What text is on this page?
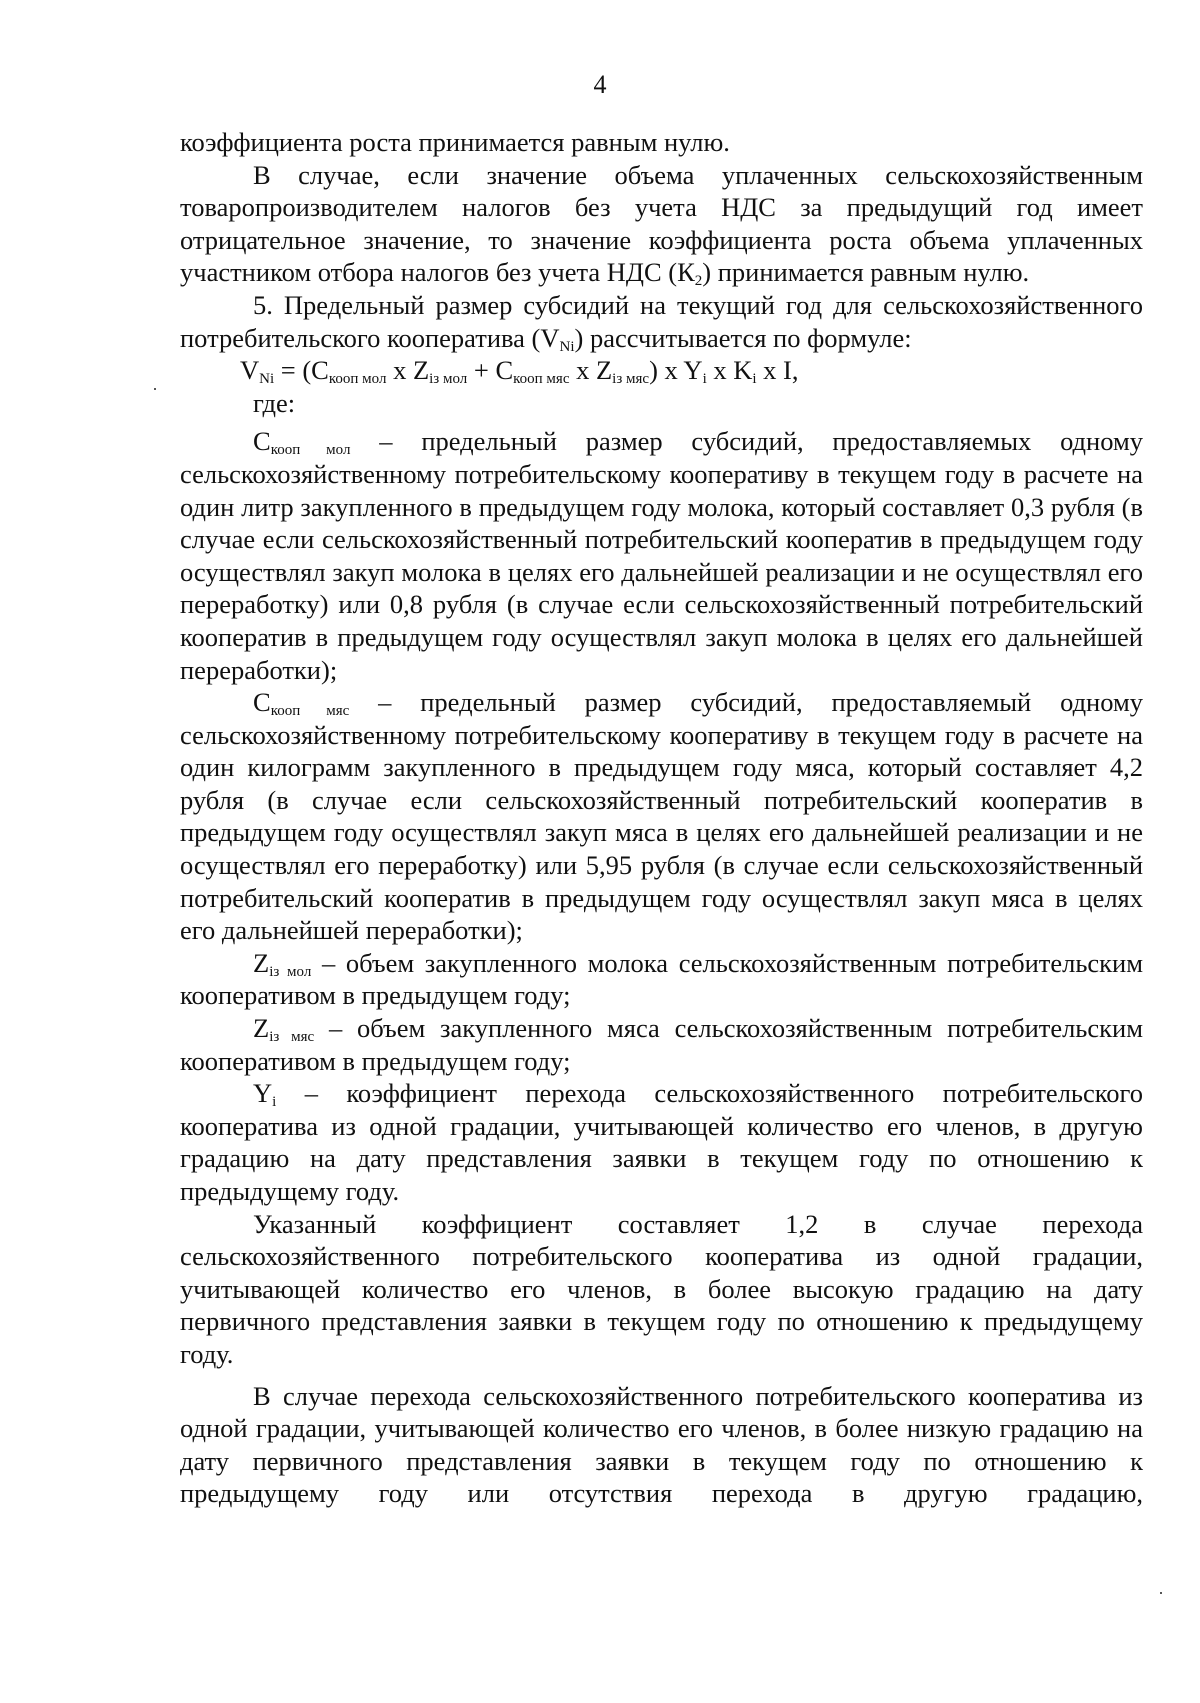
4

коэффициента роста принимается равным нулю.

В случае, если значение объема уплаченных сельскохозяйственным товаропроизводителем налогов без учета НДС за предыдущий год имеет отрицательное значение, то значение коэффициента роста объема уплаченных участником отбора налогов без учета НДС $(К_2)$ принимается равным нулю.

5. Предельный размер субсидий на текущий год для сельскохозяйственного потребительского кооператива $(V_{Ni})$ рассчитывается по формуле:

$V_{Ni} = (C_{кооп мол}$ x $Z_{iз мол} + C_{кооп мяс}$ x $Z_{iз мяс}$) x $Y_i$ x $K_i$ x I,

где:

$C_{кооп мол}$ – предельный размер субсидий, предоставляемых одному сельскохозяйственному потребительскому кооперативу в текущем году в расчете на один литр закупленного в предыдущем году молока, который составляет 0,3 рубля (в случае если сельскохозяйственный потребительский кооператив в предыдущем году осуществлял закуп молока в целях его дальнейшей реализации и не осуществлял его переработку) или 0,8 рубля (в случае если сельскохозяйственный потребительский кооператив в предыдущем году осуществлял закуп молока в целях его дальнейшей переработки);

$C_{кооп мяс}$ – предельный размер субсидий, предоставляемый одному сельскохозяйственному потребительскому кооперативу в текущем году в расчете на один килограмм закупленного в предыдущем году мяса, который составляет 4,2 рубля (в случае если сельскохозяйственный потребительский кооператив в предыдущем году осуществлял закуп мяса в целях его дальнейшей реализации и не осуществлял его переработку) или 5,95 рубля (в случае если сельскохозяйственный потребительский кооператив в предыдущем году осуществлял закуп мяса в целях его дальнейшей переработки);

$Z_{iз мол}$ – объем закупленного молока сельскохозяйственным потребительским кооперативом в предыдущем году;

$Z_{iз мяс}$ – объем закупленного мяса сельскохозяйственным потребительским кооперативом в предыдущем году;

$Y_i$ – коэффициент перехода сельскохозяйственного потребительского кооператива из одной градации, учитывающей количество его членов, в другую градацию на дату представления заявки в текущем году по отношению к предыдущему году.

Указанный коэффициент составляет 1,2 в случае перехода сельскохозяйственного потребительского кооператива из одной градации, учитывающей количество его членов, в более высокую градацию на дату первичного представления заявки в текущем году по отношению к предыдущему году.

В случае перехода сельскохозяйственного потребительского кооператива из одной градации, учитывающей количество его членов, в более низкую градацию на дату первичного представления заявки в текущем году по отношению к предыдущему году или отсутствия перехода в другую градацию,
